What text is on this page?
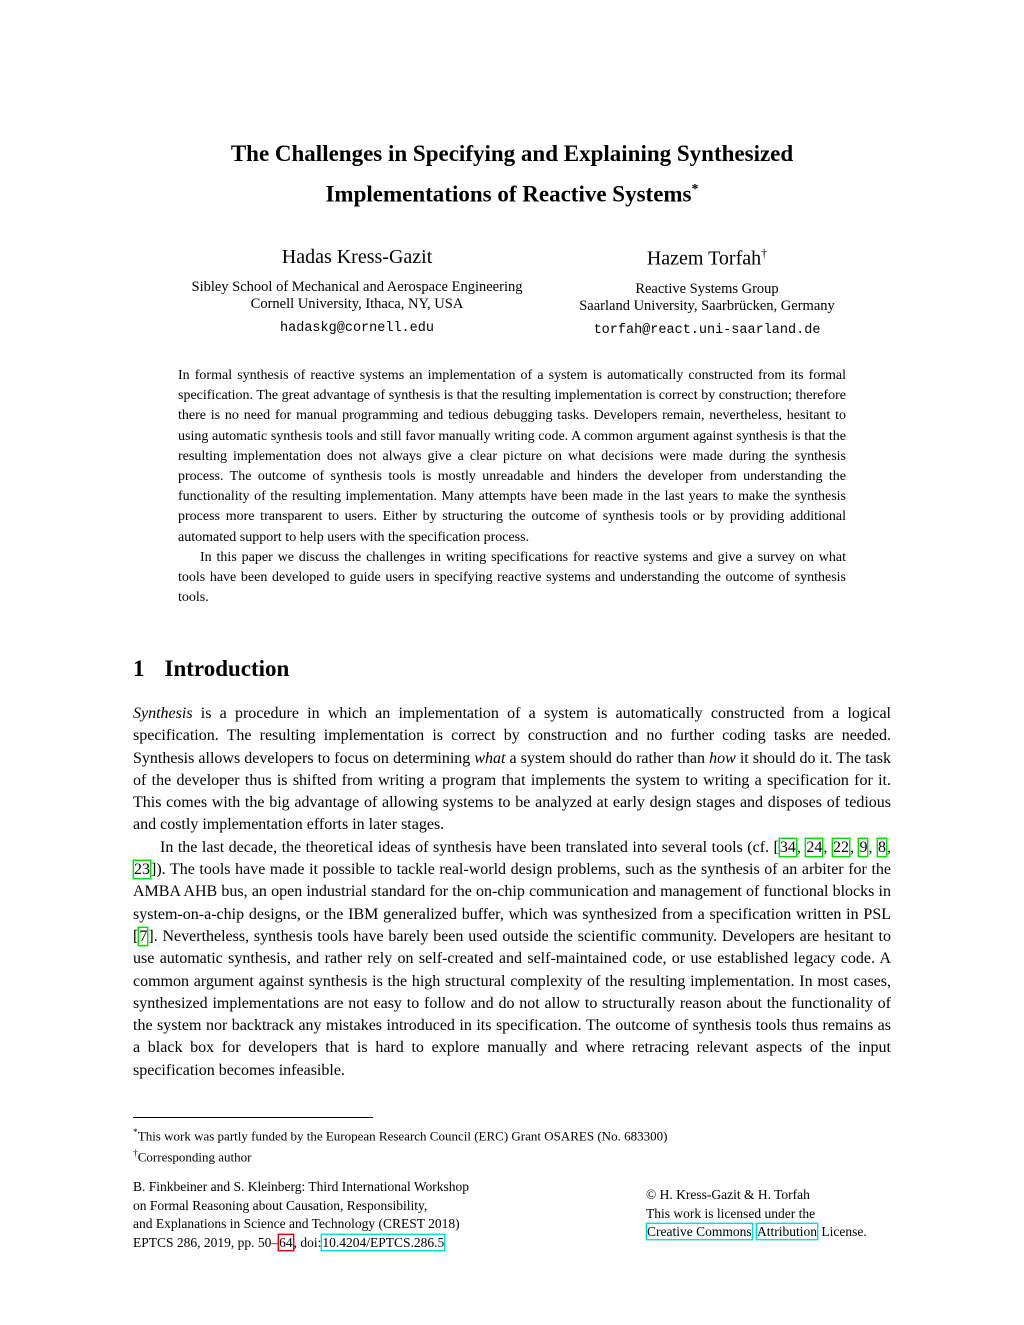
The Challenges in Specifying and Explaining Synthesized
Implementations of Reactive Systems*
Hadas Kress-Gazit
Sibley School of Mechanical and Aerospace Engineering
Cornell University, Ithaca, NY, USA
hadaskg@cornell.edu
Hazem Torfah†
Reactive Systems Group
Saarland University, Saarbrücken, Germany
torfah@react.uni-saarland.de

In formal synthesis of reactive systems an implementation of a system is automatically constructed from its formal specification. The great advantage of synthesis is that the resulting implementation is correct by construction; therefore there is no need for manual programming and tedious debugging tasks. Developers remain, nevertheless, hesitant to using automatic synthesis tools and still favor manually writing code. A common argument against synthesis is that the resulting implementation does not always give a clear picture on what decisions were made during the synthesis process. The outcome of synthesis tools is mostly unreadable and hinders the developer from understanding the functionality of the resulting implementation. Many attempts have been made in the last years to make the synthesis process more transparent to users. Either by structuring the outcome of synthesis tools or by providing additional automated support to help users with the specification process.

In this paper we discuss the challenges in writing specifications for reactive systems and give a survey on what tools have been developed to guide users in specifying reactive systems and understanding the outcome of synthesis tools.

1 Introduction

Synthesis is a procedure in which an implementation of a system is automatically constructed from a logical specification. The resulting implementation is correct by construction and no further coding tasks are needed. Synthesis allows developers to focus on determining what a system should do rather than how it should do it. The task of the developer thus is shifted from writing a program that implements the system to writing a specification for it. This comes with the big advantage of allowing systems to be analyzed at early design stages and disposes of tedious and costly implementation efforts in later stages.

In the last decade, the theoretical ideas of synthesis have been translated into several tools (cf. [34, 24, 22, 9, 8, 23]). The tools have made it possible to tackle real-world design problems, such as the synthesis of an arbiter for the AMBA AHB bus, an open industrial standard for the on-chip communication and management of functional blocks in system-on-a-chip designs, or the IBM generalized buffer, which was synthesized from a specification written in PSL [7]. Nevertheless, synthesis tools have barely been used outside the scientific community. Developers are hesitant to use automatic synthesis, and rather rely on self-created and self-maintained code, or use established legacy code. A common argument against synthesis is the high structural complexity of the resulting implementation. In most cases, synthesized implementations are not easy to follow and do not allow to structurally reason about the functionality of the system nor backtrack any mistakes introduced in its specification. The outcome of synthesis tools thus remains as a black box for developers that is hard to explore manually and where retracing relevant aspects of the input specification becomes infeasible.

*This work was partly funded by the European Research Council (ERC) Grant OSARES (No. 683300)

†Corresponding author

B. Finkbeiner and S. Kleinberg: Third International Workshop
on Formal Reasoning about Causation, Responsibility,
and Explanations in Science and Technology (CREST 2018)
EPTCS 286, 2019, pp. 50–64, doi:10.4204/EPTCS.286.5
© H. Kress-Gazit & H. Torfah
This work is licensed under the
Creative Commons Attribution License.
